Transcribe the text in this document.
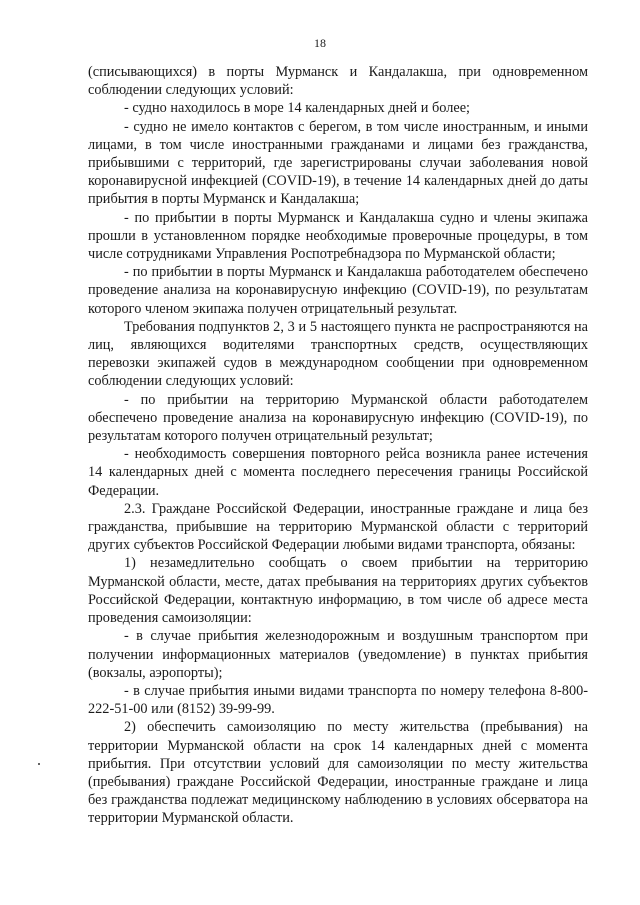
18

(списывающихся) в порты Мурманск и Кандалакша, при одновременном соблюдении следующих условий:

- судно находилось в море 14 календарных дней и более;

- судно не имело контактов с берегом, в том числе иностранным, и иными лицами, в том числе иностранными гражданами и лицами без гражданства, прибывшими с территорий, где зарегистрированы случаи заболевания новой коронавирусной инфекцией (COVID-19), в течение 14 календарных дней до даты прибытия в порты Мурманск и Кандалакша;

- по прибытии в порты Мурманск и Кандалакша судно и члены экипажа прошли в установленном порядке необходимые проверочные процедуры, в том числе сотрудниками Управления Роспотребнадзора по Мурманской области;

- по прибытии в порты Мурманск и Кандалакша работодателем обеспечено проведение анализа на коронавирусную инфекцию (COVID-19), по результатам которого членом экипажа получен отрицательный результат.

Требования подпунктов 2, 3 и 5 настоящего пункта не распространяются на лиц, являющихся водителями транспортных средств, осуществляющих перевозки экипажей судов в международном сообщении при одновременном соблюдении следующих условий:

- по прибытии на территорию Мурманской области работодателем обеспечено проведение анализа на коронавирусную инфекцию (COVID-19), по результатам которого получен отрицательный результат;

- необходимость совершения повторного рейса возникла ранее истечения 14 календарных дней с момента последнего пересечения границы Российской Федерации.

2.3. Граждане Российской Федерации, иностранные граждане и лица без гражданства, прибывшие на территорию Мурманской области с территорий других субъектов Российской Федерации любыми видами транспорта, обязаны:

1) незамедлительно сообщать о своем прибытии на территорию Мурманской области, месте, датах пребывания на территориях других субъектов Российской Федерации, контактную информацию, в том числе об адресе места проведения самоизоляции:

- в случае прибытия железнодорожным и воздушным транспортом при получении информационных материалов (уведомление) в пунктах прибытия (вокзалы, аэропорты);

- в случае прибытия иными видами транспорта по номеру телефона 8-800-222-51-00 или (8152) 39-99-99.

2) обеспечить самоизоляцию по месту жительства (пребывания) на территории Мурманской области на срок 14 календарных дней с момента прибытия. При отсутствии условий для самоизоляции по месту жительства (пребывания) граждане Российской Федерации, иностранные граждане и лица без гражданства подлежат медицинскому наблюдению в условиях обсерватора на территории Мурманской области.
